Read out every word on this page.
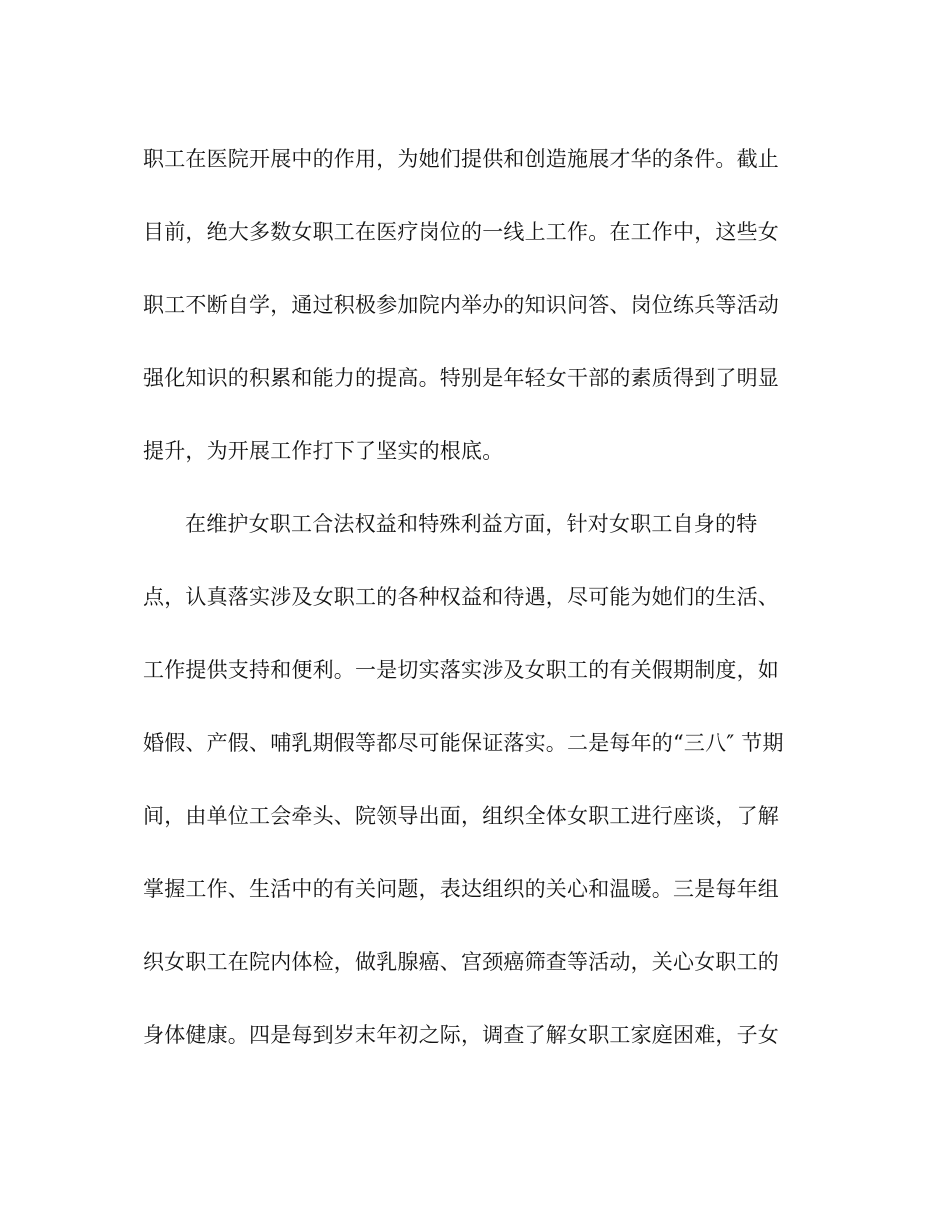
职工在医院开展中的作用，为她们提供和创造施展才华的条件。截止
目前，绝大多数女职工在医疗岗位的一线上工作。在工作中，这些女
职工不断自学，通过积极参加院内举办的知识问答、岗位练兵等活动
强化知识的积累和能力的提高。特别是年轻女干部的素质得到了明显
提升，为开展工作打下了坚实的根底。
在维护女职工合法权益和特殊利益方面，针对女职工自身的特
点，认真落实涉及女职工的各种权益和待遇，尽可能为她们的生活、
工作提供支持和便利。一是切实落实涉及女职工的有关假期制度，如
婚假、产假、哺乳期假等都尽可能保证落实。二是每年的“三八″ 节期
间，由单位工会牵头、院领导出面，组织全体女职工进行座谈，了解
掌握工作、生活中的有关问题，表达组织的关心和温暖。三是每年组
织女职工在院内体检，做乳腺癌、宫颈癌筛查等活动，关心女职工的
身体健康。四是每到岁末年初之际，调查了解女职工家庭困难，子女
